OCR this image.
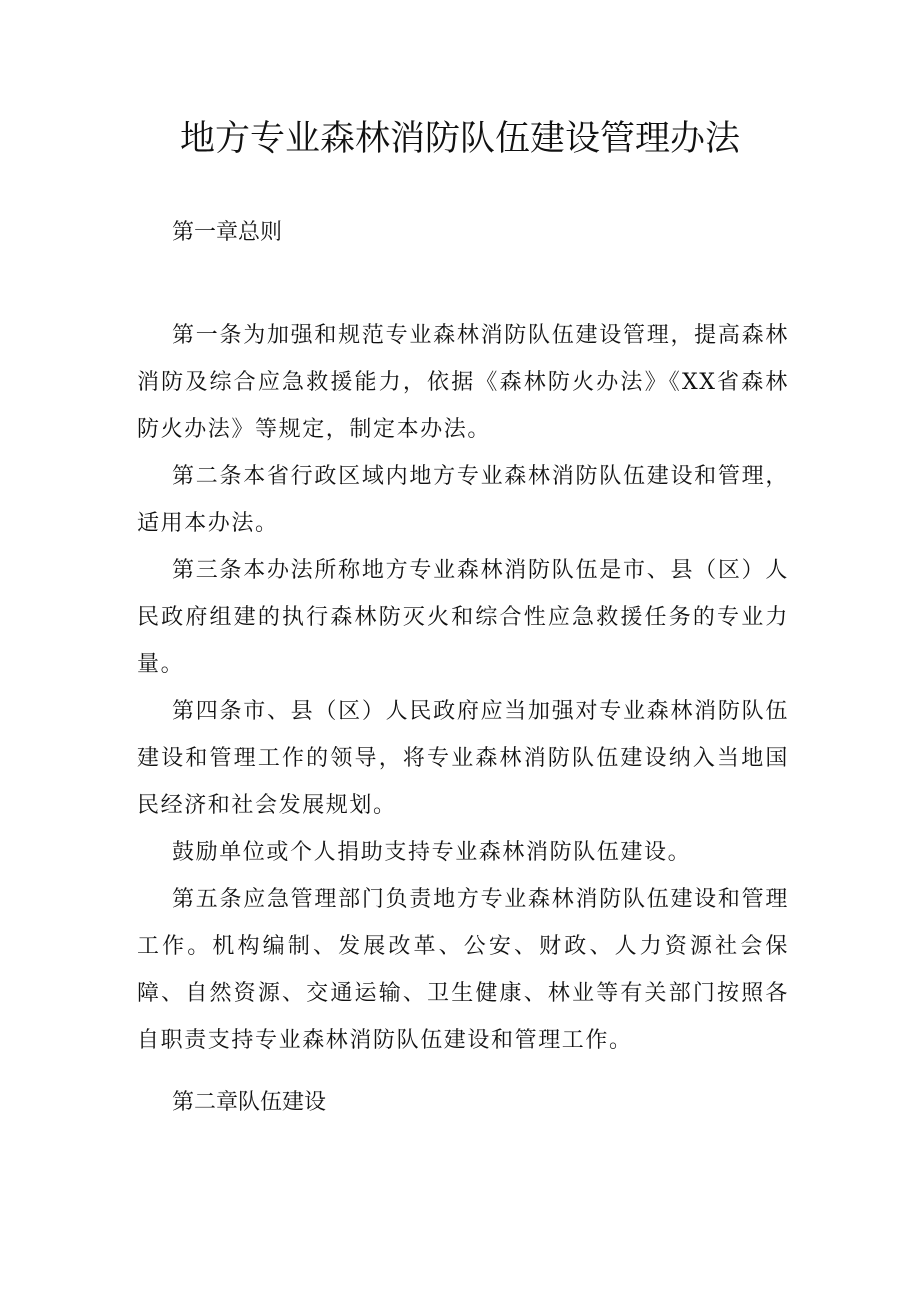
地方专业森林消防队伍建设管理办法
第一章总则

第一条为加强和规范专业森林消防队伍建设管理，提高森林消防及综合应急救援能力，依据《森林防火办法》《XX省森林防火办法》等规定，制定本办法。

第二条本省行政区域内地方专业森林消防队伍建设和管理，适用本办法。

第三条本办法所称地方专业森林消防队伍是市、县（区）人民政府组建的执行森林防灭火和综合性应急救援任务的专业力量。

第四条市、县（区）人民政府应当加强对专业森林消防队伍建设和管理工作的领导，将专业森林消防队伍建设纳入当地国民经济和社会发展规划。

鼓励单位或个人捐助支持专业森林消防队伍建设。

第五条应急管理部门负责地方专业森林消防队伍建设和管理工作。机构编制、发展改革、公安、财政、人力资源社会保障、自然资源、交通运输、卫生健康、林业等有关部门按照各自职责支持专业森林消防队伍建设和管理工作。

第二章队伍建设
